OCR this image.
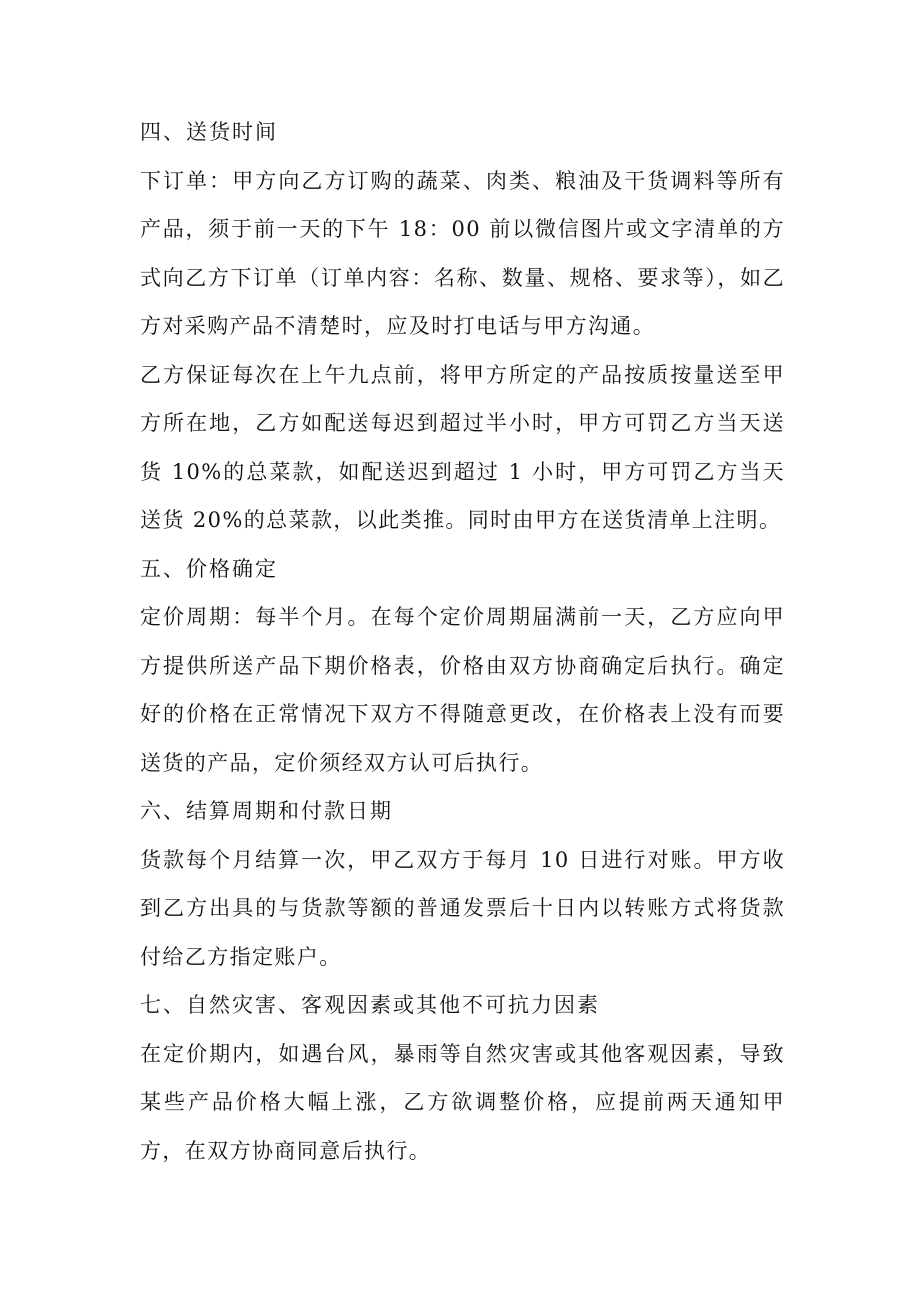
四、送货时间

下订单：甲方向乙方订购的蔬菜、肉类、粮油及干货调料等所有产品，须于前一天的下午 18：00 前以微信图片或文字清单的方式向乙方下订单（订单内容：名称、数量、规格、要求等），如乙方对采购产品不清楚时，应及时打电话与甲方沟通。

乙方保证每次在上午九点前，将甲方所定的产品按质按量送至甲方所在地，乙方如配送每迟到超过半小时，甲方可罚乙方当天送货 10%的总菜款，如配送迟到超过 1 小时，甲方可罚乙方当天送货 20%的总菜款，以此类推。同时由甲方在送货清单上注明。

五、价格确定

定价周期：每半个月。在每个定价周期届满前一天，乙方应向甲方提供所送产品下期价格表，价格由双方协商确定后执行。确定好的价格在正常情况下双方不得随意更改，在价格表上没有而要送货的产品，定价须经双方认可后执行。

六、结算周期和付款日期

货款每个月结算一次，甲乙双方于每月 10 日进行对账。甲方收到乙方出具的与货款等额的普通发票后十日内以转账方式将货款付给乙方指定账户。

七、自然灾害、客观因素或其他不可抗力因素

在定价期内，如遇台风，暴雨等自然灾害或其他客观因素，导致某些产品价格大幅上涨，乙方欲调整价格，应提前两天通知甲方，在双方协商同意后执行。
